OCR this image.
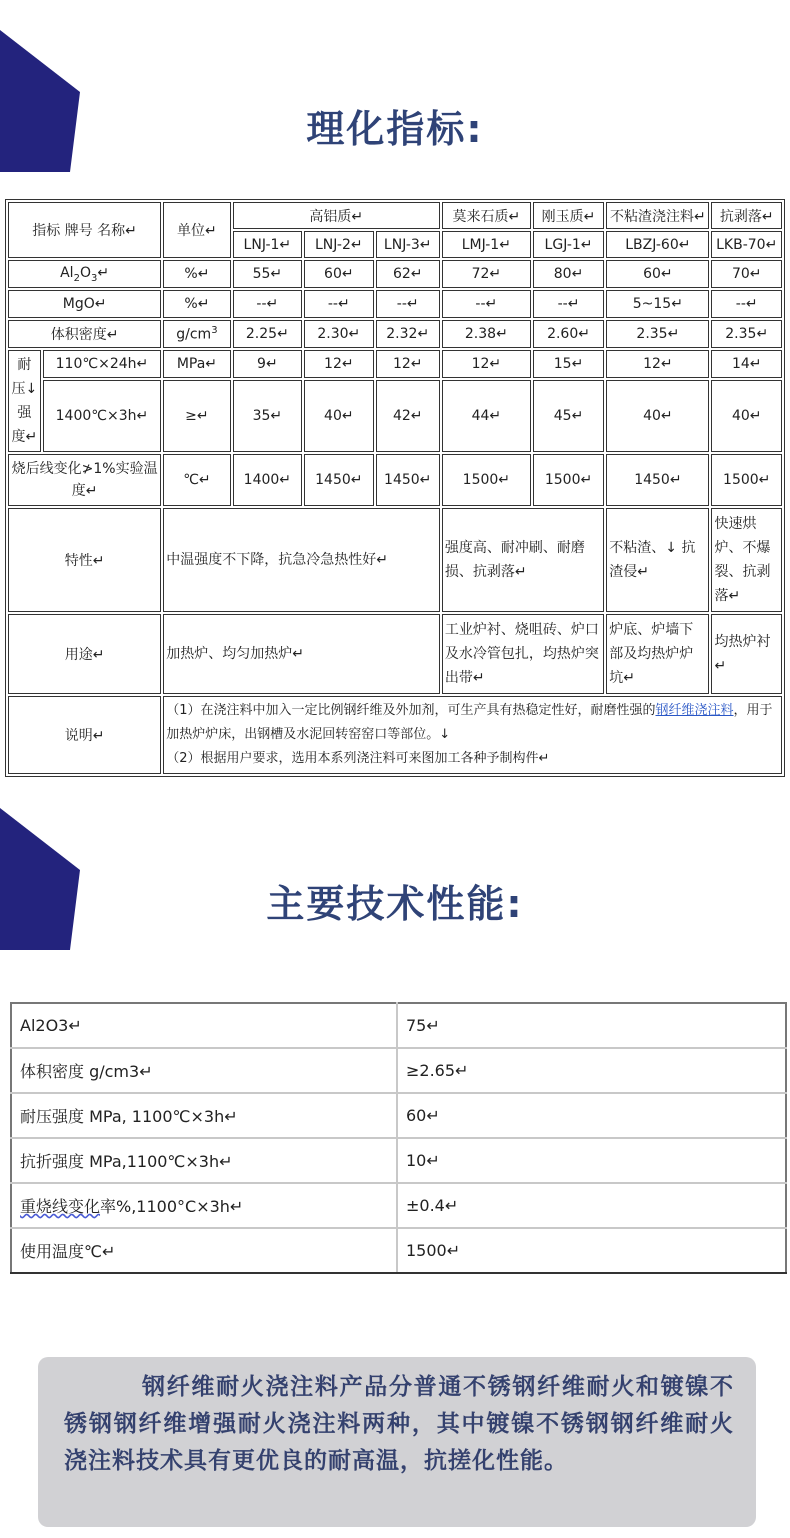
理化指标:
指标 牌号 名称↵		单位↵	高铝质↵			莫来石质↵	刚玉质↵	不粘渣浇注料↵	抗剥落↵
			LNJ-1↵	LNJ-2↵	LNJ-3↵	LMJ-1↵	LGJ-1↵	LBZJ-60↵	LKB-70↵
$Al_2O_3↵$		%↵	55↵	60↵	62↵	72↵	80↵	60↵	70↵
MgO↵		%↵	--↵	--↵	--↵	--↵	--↵	5~15↵	--↵
体积密度↵		$g/cm^3$	2.25↵	2.30↵	2.32↵	2.38↵	2.60↵	2.35↵	2.35↵

耐
压↓
强
度↵	110℃×24h↵	MPa↵	9↵	12↵	12↵	12↵	15↵	12↵	14↵
	1400℃×3h↵	≥↵	35↵	40↵	42↵	44↵	45↵	40↵	40↵
烧后线变化≯1%实验温度↵		℃↵	1400↵	1450↵	1450↵	1500↵	1500↵	1450↵	1500↵
特性↵		中温强度不下降，抗急冷急热性好↵				强度高、耐冲刷、耐磨损、抗剥落↵		不粘渣、↓ 抗渣侵↵	快速烘炉、不爆裂、抗剥落↵
用途↵		加热炉、均匀加热炉↵				工业炉衬、烧咀砖、炉口及水冷管包扎，均热炉突出带↵		炉底、炉墙下部及均热炉炉坑↵	均热炉衬↵
说明↵		（1）在浇注料中加入一定比例钢纤维及外加剂，可生产具有热稳定性好，耐磨性强的钢纤维浇注料，用于加热炉炉床，出钢槽及水泥回转窑窑口等部位。↓
（2）根据用户要求，选用本系列浇注料可来图加工各种予制构件↵							
主要技术性能:
Al2O3↵	75↵
体积密度 g/cm3↵	≥2.65↵
耐压强度 MPa, 1100℃×3h↵	60↵
抗折强度 MPa,1100℃×3h↵	10↵
重烧线变化率%,1100°C×3h↵	±0.4↵
使用温度℃↵	1500↵

钢纤维耐火浇注料产品分普通不锈钢纤维耐火和镀镍不锈钢钢纤维增强耐火浇注料两种，其中镀镍不锈钢钢纤维耐火浇注料技术具有更优良的耐高温，抗搓化性能。
